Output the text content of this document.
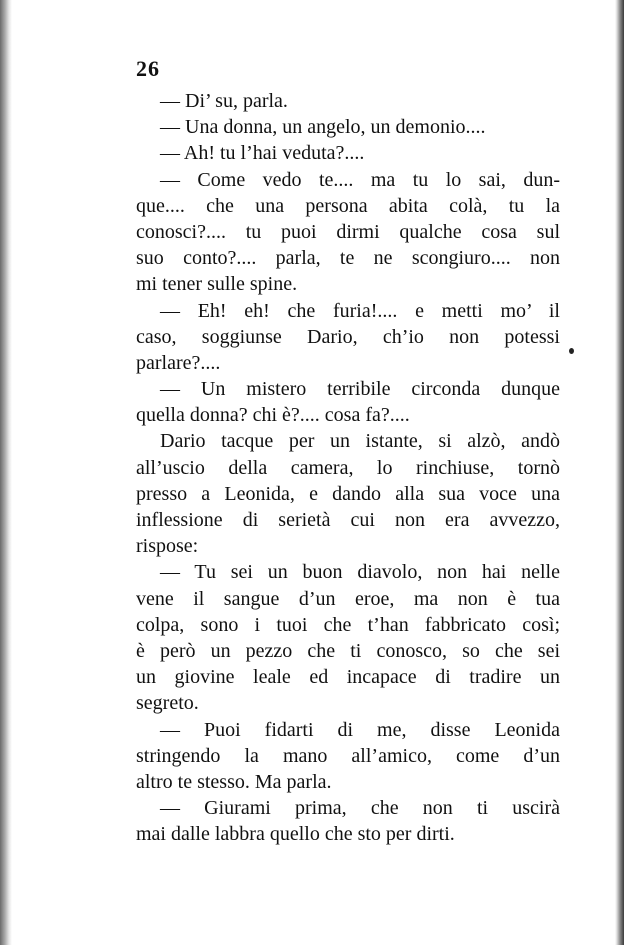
26
— Di’ su, parla.
— Una donna, un angelo, un demonio....
— Ah! tu l’hai veduta?....
— Come vedo te.... ma tu lo sai, dun-
que.... che una persona abita colà, tu la
conosci?.... tu puoi dirmi qualche cosa sul
suo conto?.... parla, te ne scongiuro.... non
mi tener sulle spine.
— Eh! eh! che furia!.... e metti mo’ il
caso, soggiunse Dario, ch’io non potessi
parlare?....
— Un mistero terribile circonda dunque
quella donna? chi è?.... cosa fa?....
Dario tacque per un istante, si alzò, andò
all’uscio della camera, lo rinchiuse, tornò
presso a Leonida, e dando alla sua voce una
inflessione di serietà cui non era avvezzo,
rispose:
— Tu sei un buon diavolo, non hai nelle
vene il sangue d’un eroe, ma non è tua
colpa, sono i tuoi che t’han fabbricato così;
è però un pezzo che ti conosco, so che sei
un giovine leale ed incapace di tradire un
segreto.
— Puoi fidarti di me, disse Leonida
stringendo la mano all’amico, come d’un
altro te stesso. Ma parla.
— Giurami prima, che non ti uscirà
mai dalle labbra quello che sto per dirti.
